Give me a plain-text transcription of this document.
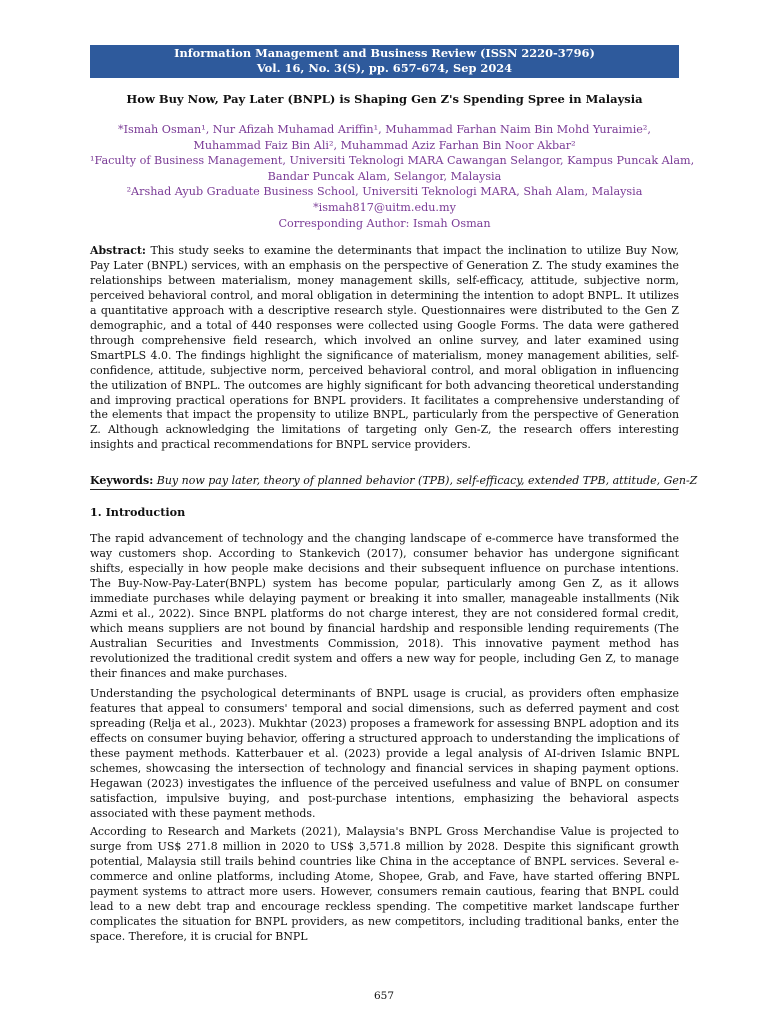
Information Management and Business Review (ISSN 2220-3796)
Vol. 16, No. 3(S), pp. 657-674, Sep 2024
How Buy Now, Pay Later (BNPL) is Shaping Gen Z's Spending Spree in Malaysia
*Ismah Osman¹, Nur Afizah Muhamad Ariffin¹, Muhammad Farhan Naim Bin Mohd Yuraimie²,
Muhammad Faiz Bin Ali², Muhammad Aziz Farhan Bin Noor Akbar²
¹Faculty of Business Management, Universiti Teknologi MARA Cawangan Selangor, Kampus Puncak Alam,
Bandar Puncak Alam, Selangor, Malaysia
²Arshad Ayub Graduate Business School, Universiti Teknologi MARA, Shah Alam, Malaysia
*ismah817@uitm.edu.my
Corresponding Author: Ismah Osman
Abstract: This study seeks to examine the determinants that impact the inclination to utilize Buy Now, Pay Later (BNPL) services, with an emphasis on the perspective of Generation Z. The study examines the relationships between materialism, money management skills, self-efficacy, attitude, subjective norm, perceived behavioral control, and moral obligation in determining the intention to adopt BNPL. It utilizes a quantitative approach with a descriptive research style. Questionnaires were distributed to the Gen Z demographic, and a total of 440 responses were collected using Google Forms. The data were gathered through comprehensive field research, which involved an online survey, and later examined using SmartPLS 4.0. The findings highlight the significance of materialism, money management abilities, self-confidence, attitude, subjective norm, perceived behavioral control, and moral obligation in influencing the utilization of BNPL. The outcomes are highly significant for both advancing theoretical understanding and improving practical operations for BNPL providers. It facilitates a comprehensive understanding of the elements that impact the propensity to utilize BNPL, particularly from the perspective of Generation Z. Although acknowledging the limitations of targeting only Gen-Z, the research offers interesting insights and practical recommendations for BNPL service providers.
Keywords: Buy now pay later, theory of planned behavior (TPB), self-efficacy, extended TPB, attitude, Gen-Z
1. Introduction
The rapid advancement of technology and the changing landscape of e-commerce have transformed the way customers shop. According to Stankevich (2017), consumer behavior has undergone significant shifts, especially in how people make decisions and their subsequent influence on purchase intentions. The Buy-Now-Pay-Later(BNPL) system has become popular, particularly among Gen Z, as it allows immediate purchases while delaying payment or breaking it into smaller, manageable installments (Nik Azmi et al., 2022). Since BNPL platforms do not charge interest, they are not considered formal credit, which means suppliers are not bound by financial hardship and responsible lending requirements (The Australian Securities and Investments Commission, 2018). This innovative payment method has revolutionized the traditional credit system and offers a new way for people, including Gen Z, to manage their finances and make purchases.
Understanding the psychological determinants of BNPL usage is crucial, as providers often emphasize features that appeal to consumers' temporal and social dimensions, such as deferred payment and cost spreading (Relja et al., 2023). Mukhtar (2023) proposes a framework for assessing BNPL adoption and its effects on consumer buying behavior, offering a structured approach to understanding the implications of these payment methods. Katterbauer et al. (2023) provide a legal analysis of AI-driven Islamic BNPL schemes, showcasing the intersection of technology and financial services in shaping payment options. Hegawan (2023) investigates the influence of the perceived usefulness and value of BNPL on consumer satisfaction, impulsive buying, and post-purchase intentions, emphasizing the behavioral aspects associated with these payment methods.
According to Research and Markets (2021), Malaysia's BNPL Gross Merchandise Value is projected to surge from US$ 271.8 million in 2020 to US$ 3,571.8 million by 2028. Despite this significant growth potential, Malaysia still trails behind countries like China in the acceptance of BNPL services. Several e-commerce and online platforms, including Atome, Shopee, Grab, and Fave, have started offering BNPL payment systems to attract more users. However, consumers remain cautious, fearing that BNPL could lead to a new debt trap and encourage reckless spending. The competitive market landscape further complicates the situation for BNPL providers, as new competitors, including traditional banks, enter the space. Therefore, it is crucial for BNPL
657
